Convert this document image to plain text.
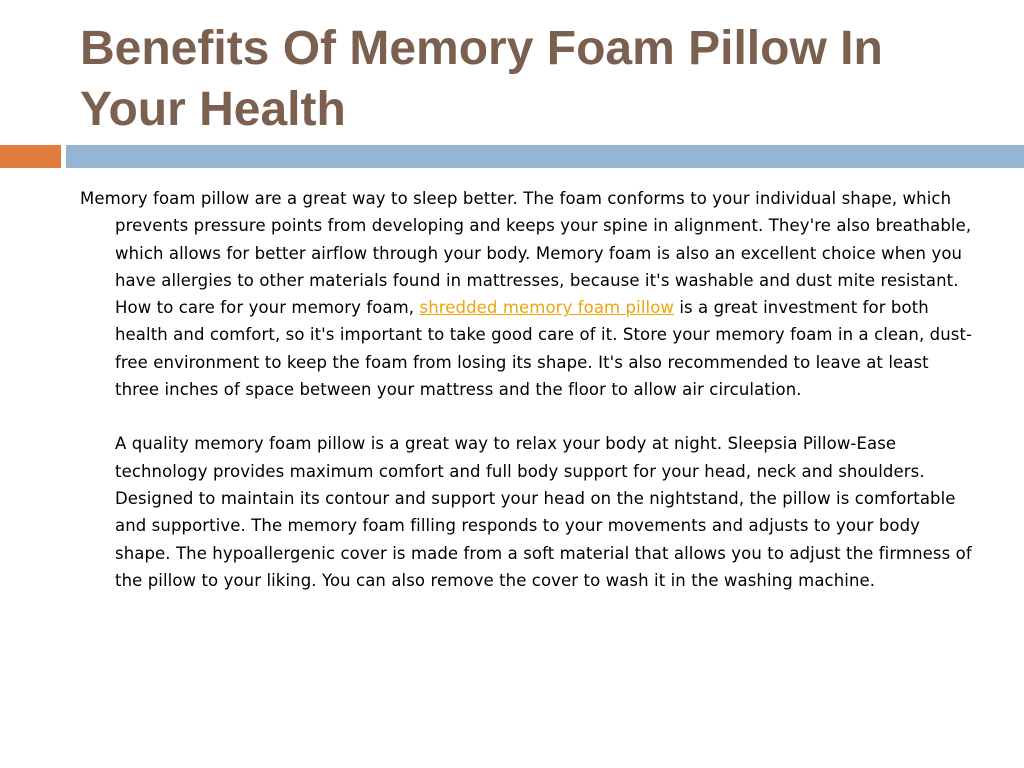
Benefits Of Memory Foam Pillow In Your Health

Memory foam pillow are a great way to sleep better. The foam conforms to your individual shape, which prevents pressure points from developing and keeps your spine in alignment. They're also breathable, which allows for better airflow through your body. Memory foam is also an excellent choice when you have allergies to other materials found in mattresses, because it's washable and dust mite resistant. How to care for your memory foam, shredded memory foam pillow is a great investment for both health and comfort, so it's important to take good care of it. Store your memory foam in a clean, dust-free environment to keep the foam from losing its shape. It's also recommended to leave at least three inches of space between your mattress and the floor to allow air circulation.

A quality memory foam pillow is a great way to relax your body at night. Sleepsia Pillow-Ease technology provides maximum comfort and full body support for your head, neck and shoulders. Designed to maintain its contour and support your head on the nightstand, the pillow is comfortable and supportive. The memory foam filling responds to your movements and adjusts to your body shape. The hypoallergenic cover is made from a soft material that allows you to adjust the firmness of the pillow to your liking. You can also remove the cover to wash it in the washing machine.
